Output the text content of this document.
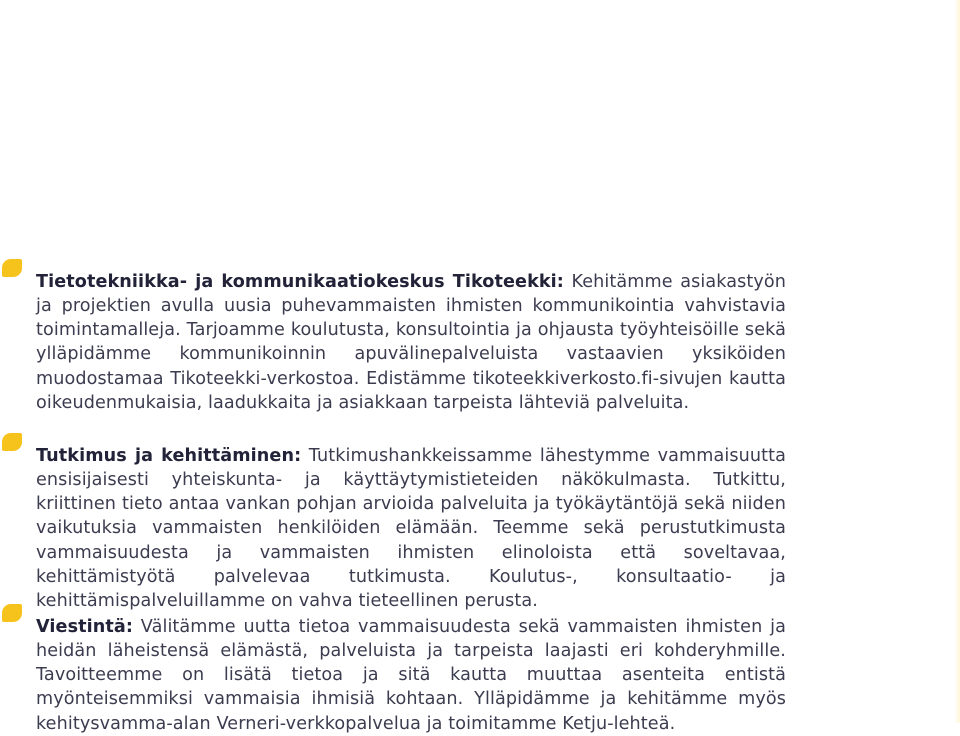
Tietotekniikka- ja kommunikaatiokeskus Tikoteekki: Kehitämme asiakastyön ja projektien avulla uusia puhevammaisten ihmisten kommunikointia vahvistavia toimintamalleja. Tarjoamme koulutusta, konsultointia ja ohjausta työyhteisöille sekä ylläpidämme kommunikoinnin apuvälinepalveluista vastaavien yksiköiden muodostamaa Tikoteekki-verkostoa. Edistämme tikoteekkiverkosto.fi-sivujen kautta oikeudenmukaisia, laadukkaita ja asiakkaan tarpeista lähteviä palveluita.

Tutkimus ja kehittäminen: Tutkimushankkeissamme lähestymme vammaisuutta ensisijaisesti yhteiskunta- ja käyttäytymistieteiden näkökulmasta. Tutkittu, kriittinen tieto antaa vankan pohjan arvioida palveluita ja työkäytäntöjä sekä niiden vaikutuksia vammaisten henkilöiden elämään. Teemme sekä perustutkimusta vammaisuudesta ja vammaisten ihmisten elinoloista että soveltavaa, kehittämistyötä palvelevaa tutkimusta. Koulutus-, konsultaatio- ja kehittämispalveluillamme on vahva tieteellinen perusta.

Viestintä: Välitämme uutta tietoa vammaisuudesta sekä vammaisten ihmisten ja heidän läheistensä elämästä, palveluista ja tarpeista laajasti eri kohderyhmille. Tavoitteemme on lisätä tietoa ja sitä kautta muuttaa asenteita entistä myönteisemmiksi vammaisia ihmisiä kohtaan. Ylläpidämme ja kehitämme myös kehitysvamma-alan Verneri-verkkopalvelua ja toimitamme Ketju-lehteä.
